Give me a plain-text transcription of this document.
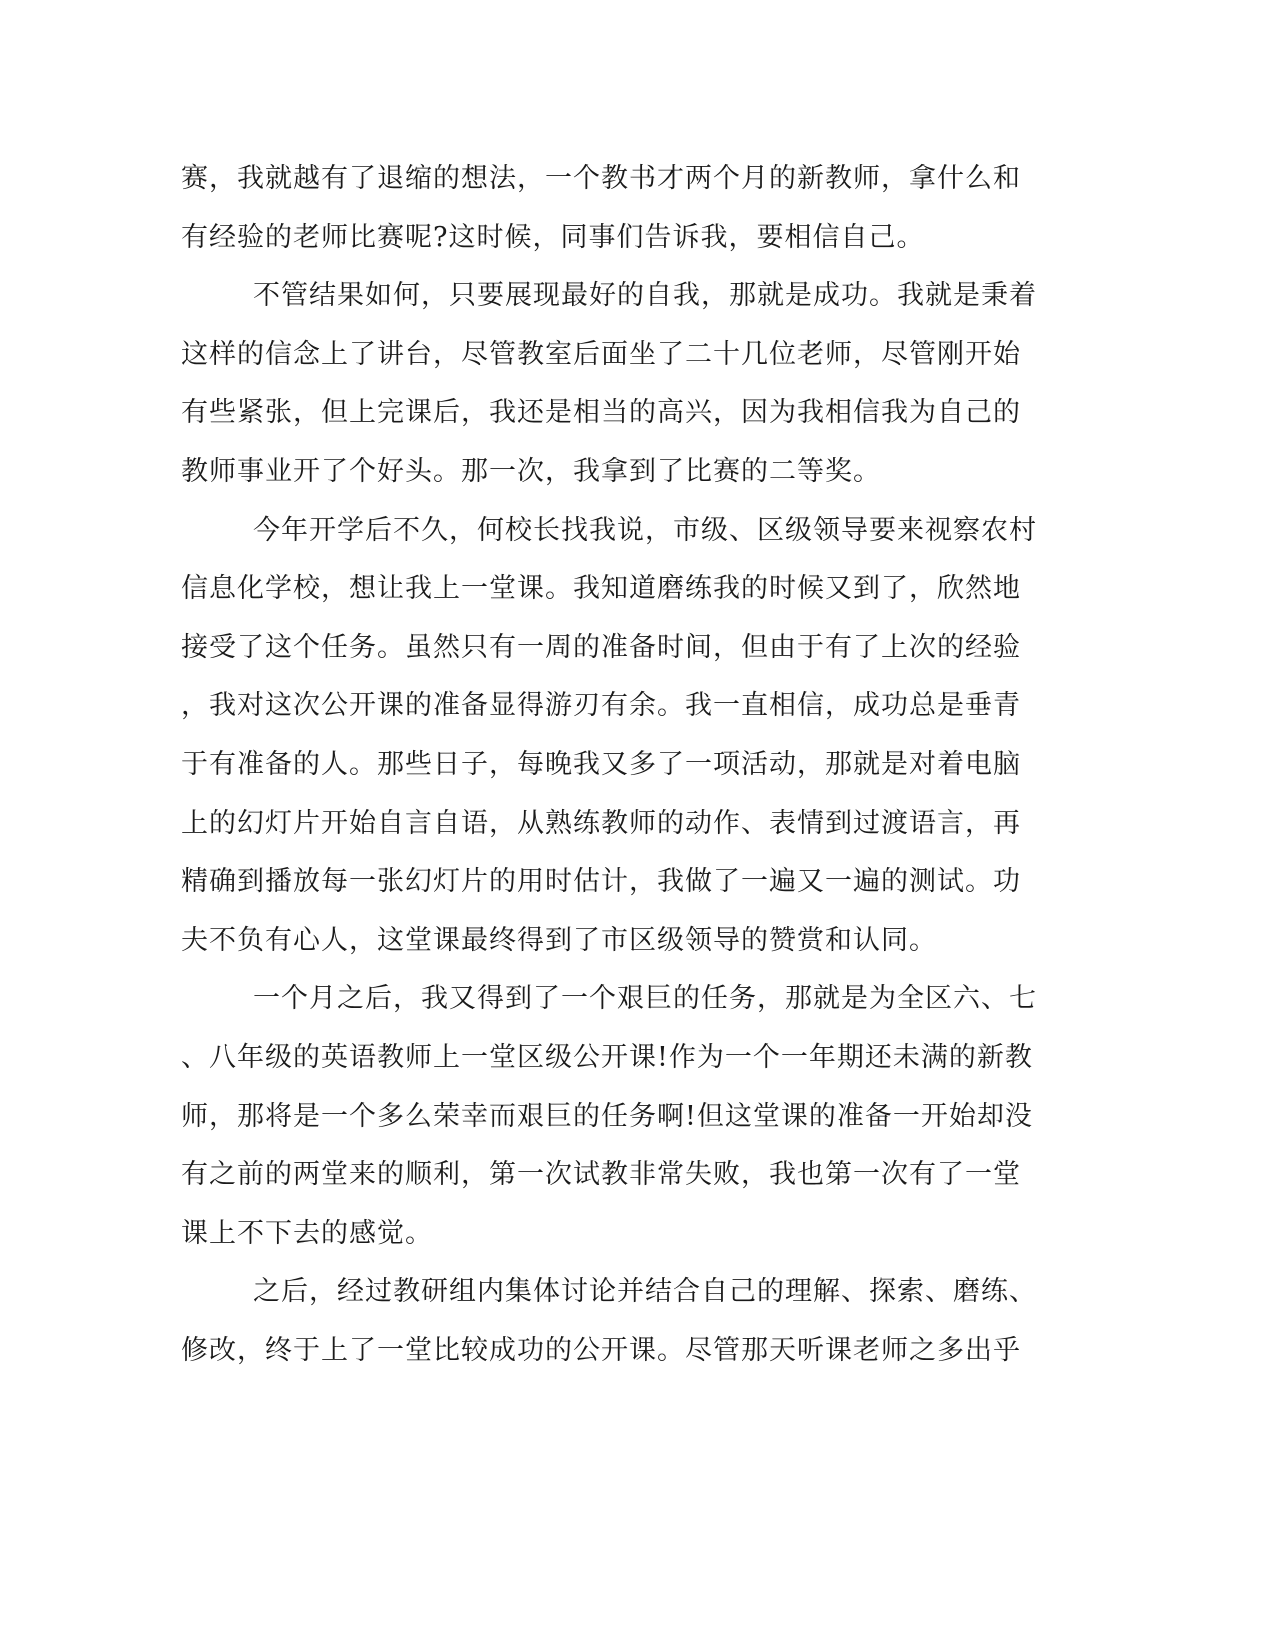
赛，我就越有了退缩的想法，一个教书才两个月的新教师，拿什么和
有经验的老师比赛呢?这时候，同事们告诉我，要相信自己。
不管结果如何，只要展现最好的自我，那就是成功。我就是秉着
这样的信念上了讲台，尽管教室后面坐了二十几位老师，尽管刚开始
有些紧张，但上完课后，我还是相当的高兴，因为我相信我为自己的
教师事业开了个好头。那一次，我拿到了比赛的二等奖。
今年开学后不久，何校长找我说，市级、区级领导要来视察农村
信息化学校，想让我上一堂课。我知道磨练我的时候又到了，欣然地
接受了这个任务。虽然只有一周的准备时间，但由于有了上次的经验
，我对这次公开课的准备显得游刃有余。我一直相信，成功总是垂青
于有准备的人。那些日子，每晚我又多了一项活动，那就是对着电脑
上的幻灯片开始自言自语，从熟练教师的动作、表情到过渡语言，再
精确到播放每一张幻灯片的用时估计，我做了一遍又一遍的测试。功
夫不负有心人，这堂课最终得到了市区级领导的赞赏和认同。
一个月之后，我又得到了一个艰巨的任务，那就是为全区六、七
、八年级的英语教师上一堂区级公开课!作为一个一年期还未满的新教
师，那将是一个多么荣幸而艰巨的任务啊!但这堂课的准备一开始却没
有之前的两堂来的顺利，第一次试教非常失败，我也第一次有了一堂
课上不下去的感觉。
之后，经过教研组内集体讨论并结合自己的理解、探索、磨练、
修改，终于上了一堂比较成功的公开课。尽管那天听课老师之多出乎
